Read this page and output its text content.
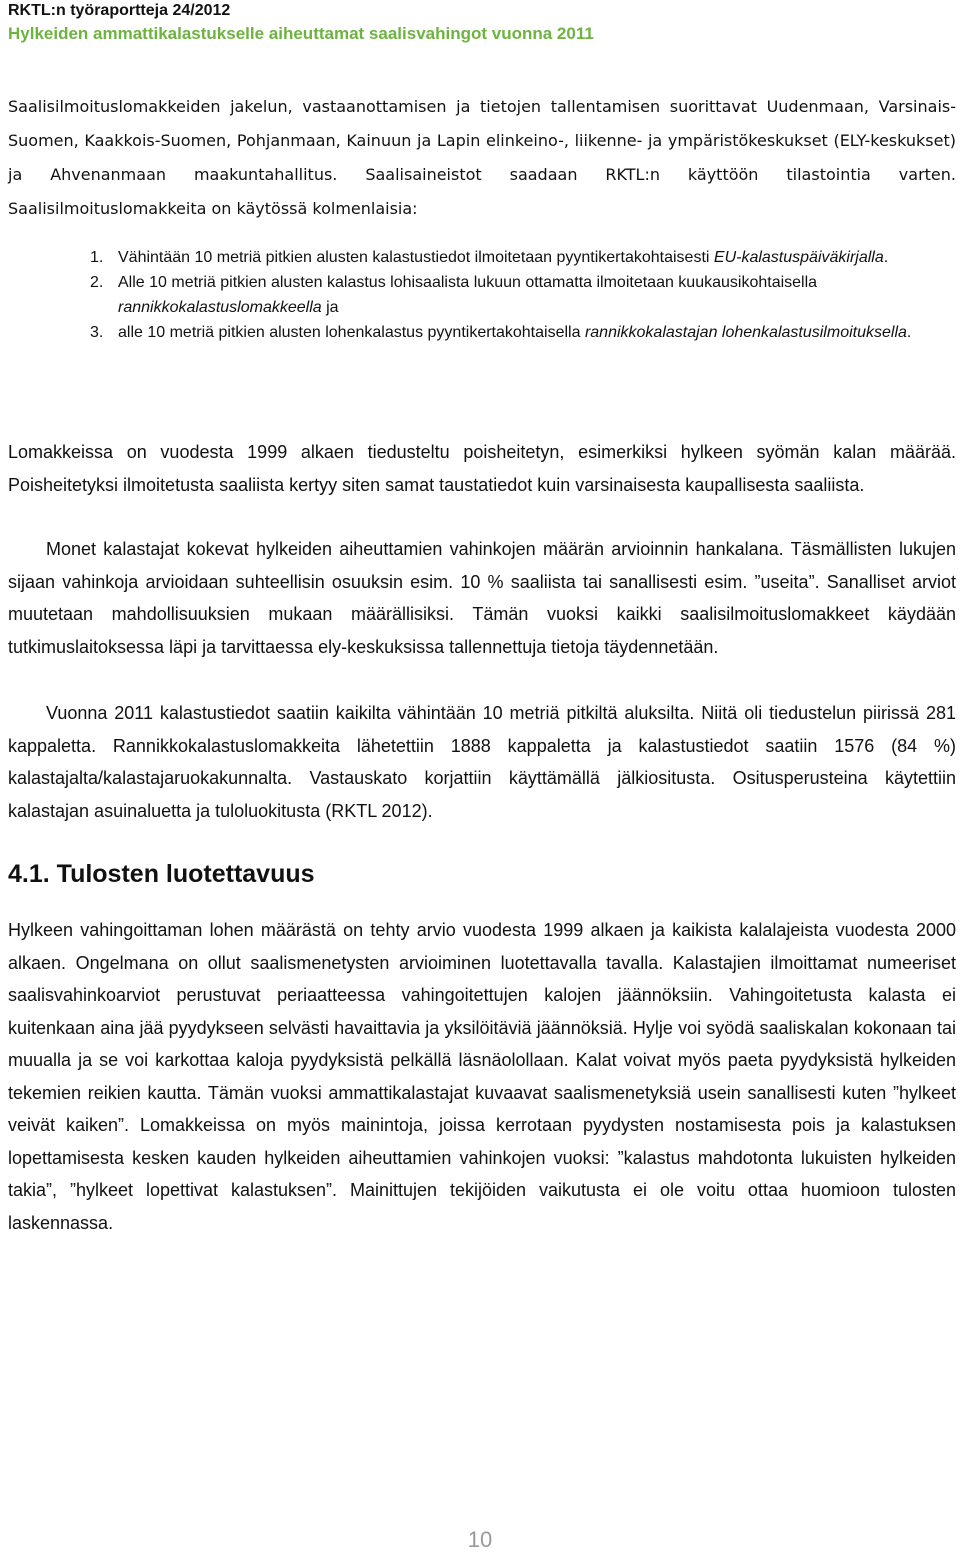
RKTL:n työraportteja 24/2012
Hylkeiden ammattikalastukselle aiheuttamat saalisvahingot vuonna 2011

Saalisilmoituslomakkeiden jakelun, vastaanottamisen ja tietojen tallentamisen suorittavat Uudenmaan, Varsinais-Suomen, Kaakkois-Suomen, Pohjanmaan, Kainuun ja Lapin elinkeino-, liikenne- ja ympäristökeskukset (ELY-keskukset) ja Ahvenanmaan maakuntahallitus. Saalisaineistot saadaan RKTL:n käyttöön tilastointia varten. Saalisilmoituslomakkeita on käytössä kolmenlaisia:

1. Vähintään 10 metriä pitkien alusten kalastustiedot ilmoitetaan pyyntikertakohtaisesti EU-kalastuspäiväkirjalla.
2. Alle 10 metriä pitkien alusten kalastus lohisaalista lukuun ottamatta ilmoitetaan kuukausikohtaisella rannikkokalastuslomakkeella ja
3. alle 10 metriä pitkien alusten lohenkalastus pyyntikertakohtaisella rannikkokalastajan lohenkalastusilmoituksella.

Lomakkeissa on vuodesta 1999 alkaen tiedusteltu poisheitetyn, esimerkiksi hylkeen syömän kalan määrää. Poisheitetyksi ilmoitetusta saaliista kertyy siten samat taustatiedot kuin varsinaisesta kaupallisesta saaliista.

Monet kalastajat kokevat hylkeiden aiheuttamien vahinkojen määrän arvioinnin hankalana. Täsmällisten lukujen sijaan vahinkoja arvioidaan suhteellisin osuuksin esim. 10 % saaliista tai sanallisesti esim. ”useita”. Sanalliset arviot muutetaan mahdollisuuksien mukaan määrällisiksi. Tämän vuoksi kaikki saalisilmoituslomakkeet käydään tutkimuslaitoksessa läpi ja tarvittaessa ely-keskuksissa tallennettuja tietoja täydennetään.

Vuonna 2011 kalastustiedot saatiin kaikilta vähintään 10 metriä pitkiltä aluksilta. Niitä oli tiedustelun piirissä 281 kappaletta. Rannikkokalastuslomakkeita lähetettiin 1888 kappaletta ja kalastustiedot saatiin 1576 (84 %) kalastajalta/kalastajaruokakunnalta. Vastauskato korjattiin käyttämällä jälkiositusta. Ositusperusteina käytettiin kalastajan asuinaluetta ja tuloluokitusta (RKTL 2012).

4.1. Tulosten luotettavuus

Hylkeen vahingoittaman lohen määrästä on tehty arvio vuodesta 1999 alkaen ja kaikista kalalajeista vuodesta 2000 alkaen. Ongelmana on ollut saalismenetysten arvioiminen luotettavalla tavalla. Kalastajien ilmoittamat numeeriset saalisvahinkoarviot perustuvat periaatteessa vahingoitettujen kalojen jäännöksiin. Vahingoitetusta kalasta ei kuitenkaan aina jää pyydykseen selvästi havaittavia ja yksilöitäviä jäännöksiä. Hylje voi syödä saaliskalan kokonaan tai muualla ja se voi karkottaa kaloja pyydyksistä pelkällä läsnäolollaan. Kalat voivat myös paeta pyydyksistä hylkeiden tekemien reikien kautta. Tämän vuoksi ammattikalastajat kuvaavat saalismenetyksiä usein sanallisesti kuten ”hylkeet veivät kaiken”. Lomakkeissa on myös mainintoja, joissa kerrotaan pyydysten nostamisesta pois ja kalastuksen lopettamisesta kesken kauden hylkeiden aiheuttamien vahinkojen vuoksi: ”kalastus mahdotonta lukuisten hylkeiden takia”, ”hylkeet lopettivat kalastuksen”. Mainittujen tekijöiden vaikutusta ei ole voitu ottaa huomioon tulosten laskennassa.

10
